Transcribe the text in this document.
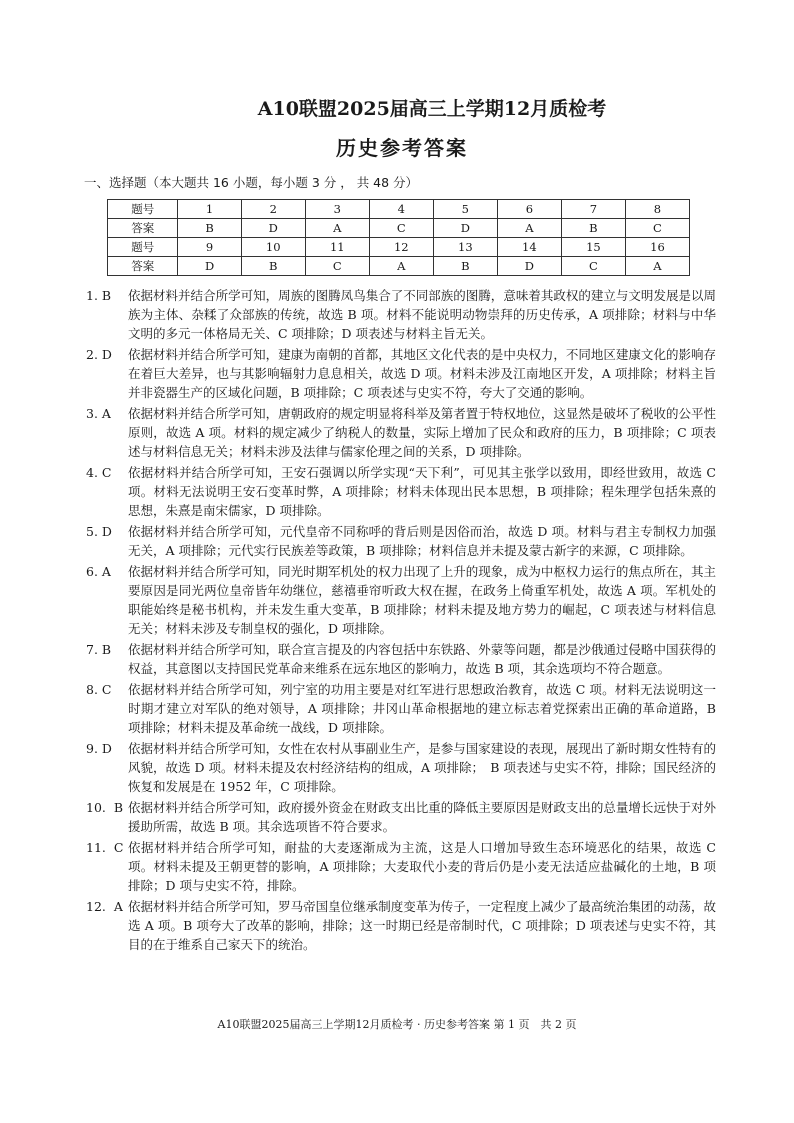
A10联盟2025届高三上学期12月质检考
历史参考答案
一、选择题（本大题共 16 小题，每小题 3 分 ， 共 48 分）
题号	1	2	3	4	5	6	7	8
答案	B	D	A	C	D	A	B	C
题号	9	10	11	12	13	14	15	16
答案	D	B	C	A	B	D	C	A
1. B	依据材料并结合所学可知，周族的图腾凤鸟集合了不同部族的图腾，意味着其政权的建立与文明发展是以周族为主体、杂糅了众部族的传统，故选 B 项。材料不能说明动物崇拜的历史传承，A 项排除；材料与中华文明的多元一体格局无关、C 项排除；D 项表述与材料主旨无关。
2. D	依据材料并结合所学可知，建康为南朝的首都，其地区文化代表的是中央权力，不同地区建康文化的影响存在着巨大差异，也与其影响辐射力息息相关，故选 D 项。材料未涉及江南地区开发，A 项排除；材料主旨并非瓷器生产的区域化问题，B 项排除；C 项表述与史实不符，夸大了交通的影响。
3. A	依据材料并结合所学可知，唐朝政府的规定明显将科举及第者置于特权地位，这显然是破坏了税收的公平性原则，故选 A 项。材料的规定减少了纳税人的数量，实际上增加了民众和政府的压力，B 项排除；C 项表述与材料信息无关；材料未涉及法律与儒家伦理之间的关系，D 项排除。
4. C	依据材料并结合所学可知，王安石强调以所学实现“天下利”，可见其主张学以致用，即经世致用，故选 C 项。材料无法说明王安石变革时弊，A 项排除；材料未体现出民本思想，B 项排除；程朱理学包括朱熹的思想，朱熹是南宋儒家，D 项排除。
5. D	依据材料并结合所学可知，元代皇帝不同称呼的背后则是因俗而治，故选 D 项。材料与君主专制权力加强无关，A 项排除；元代实行民族差等政策，B 项排除；材料信息并未提及蒙古新字的来源，C 项排除。
6. A	依据材料并结合所学可知，同光时期军机处的权力出现了上升的现象，成为中枢权力运行的焦点所在，其主要原因是同光两位皇帝皆年幼继位，慈禧垂帘听政大权在握，在政务上倚重军机处，故选 A 项。军机处的职能始终是秘书机构，并未发生重大变革，B 项排除；材料未提及地方势力的崛起，C 项表述与材料信息无关；材料未涉及专制皇权的强化，D 项排除。
7. B	依据材料并结合所学可知，联合宣言提及的内容包括中东铁路、外蒙等问题，都是沙俄通过侵略中国获得的权益，其意图以支持国民党革命来维系在远东地区的影响力，故选 B 项，其余选项均不符合题意。
8. C	依据材料并结合所学可知，列宁室的功用主要是对红军进行思想政治教育，故选 C 项。材料无法说明这一时期才建立对军队的绝对领导，A 项排除；井冈山革命根据地的建立标志着党探索出正确的革命道路，B 项排除；材料未提及革命统一战线，D 项排除。
9. D	依据材料并结合所学可知，女性在农村从事副业生产，是参与国家建设的表现，展现出了新时期女性特有的风貌，故选 D 项。材料未提及农村经济结构的组成，A 项排除；　B 项表述与史实不符，排除；国民经济的恢复和发展是在 1952 年，C 项排除。
10.  B 依据材料并结合所学可知，政府援外资金在财政支出比重的降低主要原因是财政支出的总量增长远快于对外援助所需，故选 B 项。其余选项皆不符合要求。
11.  C 依据材料并结合所学可知，耐盐的大麦逐渐成为主流，这是人口增加导致生态环境恶化的结果，故选 C 项。材料未提及王朝更替的影响，A 项排除；大麦取代小麦的背后仍是小麦无法适应盐碱化的土地，B 项排除；D 项与史实不符，排除。
12.  A 依据材料并结合所学可知，罗马帝国皇位继承制度变革为传子，一定程度上减少了最高统治集团的动荡，故选 A 项。B 项夸大了改革的影响，排除；这一时期已经是帝制时代，C 项排除；D 项表述与史实不符，其目的在于维系自己家天下的统治。
A10联盟2025届高三上学期12月质检考 · 历史参考答案 第 1 页　共 2 页
